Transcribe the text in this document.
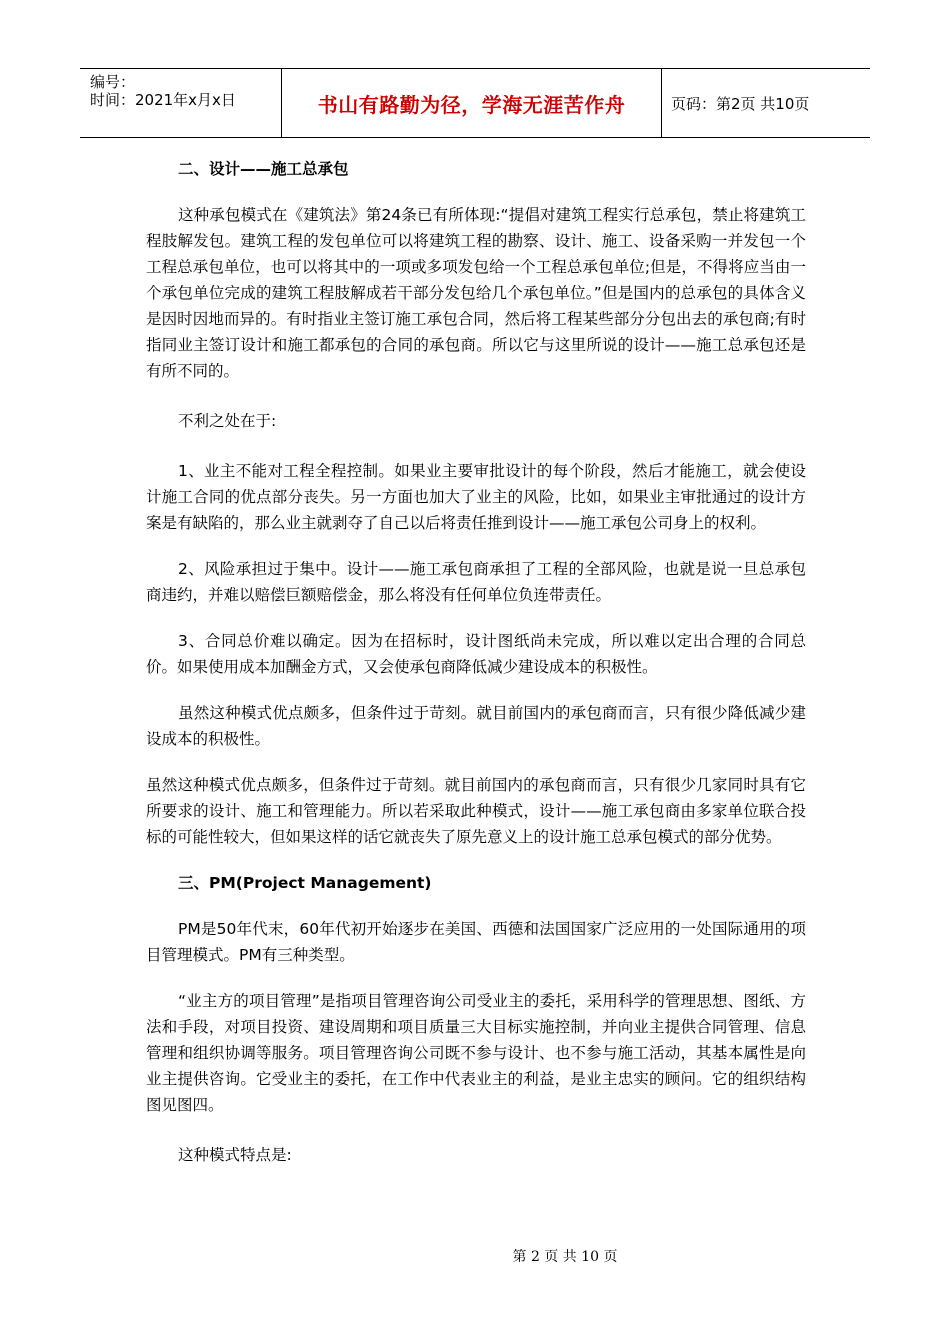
编号：
时间：2021年x月x日	书山有路勤为径，学海无涯苦作舟	页码：第2页 共10页

二、设计——施工总承包

这种承包模式在《建筑法》第24条已有所体现:“提倡对建筑工程实行总承包，禁止将建筑工程肢解发包。建筑工程的发包单位可以将建筑工程的勘察、设计、施工、设备采购一并发包一个工程总承包单位，也可以将其中的一项或多项发包给一个工程总承包单位;但是，不得将应当由一个承包单位完成的建筑工程肢解成若干部分发包给几个承包单位。”但是国内的总承包的具体含义是因时因地而异的。有时指业主签订施工承包合同，然后将工程某些部分分包出去的承包商;有时指同业主签订设计和施工都承包的合同的承包商。所以它与这里所说的设计——施工总承包还是有所不同的。

不利之处在于:

1、业主不能对工程全程控制。如果业主要审批设计的每个阶段，然后才能施工，就会使设计施工合同的优点部分丧失。另一方面也加大了业主的风险，比如，如果业主审批通过的设计方案是有缺陷的，那么业主就剥夺了自己以后将责任推到设计——施工承包公司身上的权利。

2、风险承担过于集中。设计——施工承包商承担了工程的全部风险，也就是说一旦总承包商违约，并难以赔偿巨额赔偿金，那么将没有任何单位负连带责任。

3、合同总价难以确定。因为在招标时，设计图纸尚未完成，所以难以定出合理的合同总价。如果使用成本加酬金方式，又会使承包商降低减少建设成本的积极性。

虽然这种模式优点颇多，但条件过于苛刻。就目前国内的承包商而言，只有很少降低减少建设成本的积极性。

虽然这种模式优点颇多，但条件过于苛刻。就目前国内的承包商而言，只有很少几家同时具有它所要求的设计、施工和管理能力。所以若采取此种模式，设计——施工承包商由多家单位联合投标的可能性较大，但如果这样的话它就丧失了原先意义上的设计施工总承包模式的部分优势。

三、PM(Project Management)

PM是50年代末，60年代初开始逐步在美国、西德和法国国家广泛应用的一处国际通用的项目管理模式。PM有三种类型。

“业主方的项目管理”是指项目管理咨询公司受业主的委托，采用科学的管理思想、图纸、方法和手段，对项目投资、建设周期和项目质量三大目标实施控制，并向业主提供合同管理、信息管理和组织协调等服务。项目管理咨询公司既不参与设计、也不参与施工活动，其基本属性是向业主提供咨询。它受业主的委托，在工作中代表业主的利益，是业主忠实的顾问。它的组织结构图见图四。

这种模式特点是:

第 2 页 共 10 页
